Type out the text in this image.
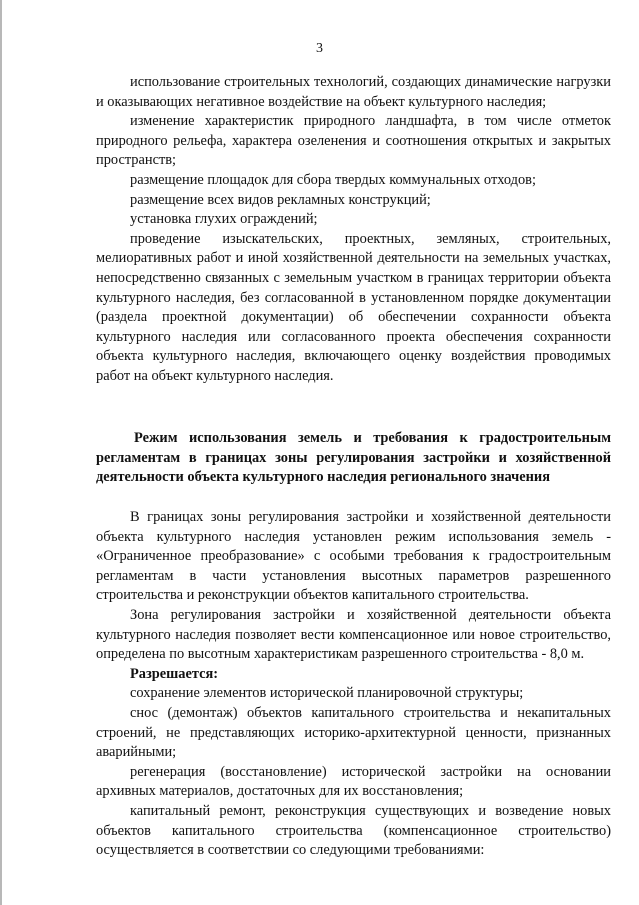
3

использование строительных технологий, создающих динамические нагрузки и оказывающих негативное воздействие на объект культурного наследия;

изменение характеристик природного ландшафта, в том числе отметок природного рельефа, характера озеленения и соотношения открытых и закрытых пространств;

размещение площадок для сбора твердых коммунальных отходов;

размещение всех видов рекламных конструкций;

установка глухих ограждений;

проведение изыскательских, проектных, земляных, строительных, мелиоративных работ и иной хозяйственной деятельности на земельных участках, непосредственно связанных с земельным участком в границах территории объекта культурного наследия, без согласованной в установленном порядке документации (раздела проектной документации) об обеспечении сохранности объекта культурного наследия или согласованного проекта обеспечения сохранности объекта культурного наследия, включающего оценку воздействия проводимых работ на объект культурного наследия.

Режим использования земель и требования к градостроительным регламентам в границах зоны регулирования застройки и хозяйственной деятельности объекта культурного наследия регионального значения

В границах зоны регулирования застройки и хозяйственной деятельности объекта культурного наследия установлен режим использования земель - «Ограниченное преобразование» с особыми требования к градостроительным регламентам в части установления высотных параметров разрешенного строительства и реконструкции объектов капитального строительства.

Зона регулирования застройки и хозяйственной деятельности объекта культурного наследия позволяет вести компенсационное или новое строительство, определена по высотным характеристикам разрешенного строительства - 8,0 м.

Разрешается:

сохранение элементов исторической планировочной структуры;

снос (демонтаж) объектов капитального строительства и некапитальных строений, не представляющих историко-архитектурной ценности, признанных аварийными;

регенерация (восстановление) исторической застройки на основании архивных материалов, достаточных для их восстановления;

капитальный ремонт, реконструкция существующих и возведение новых объектов капитального строительства (компенсационное строительство) осуществляется в соответствии со следующими требованиями:
